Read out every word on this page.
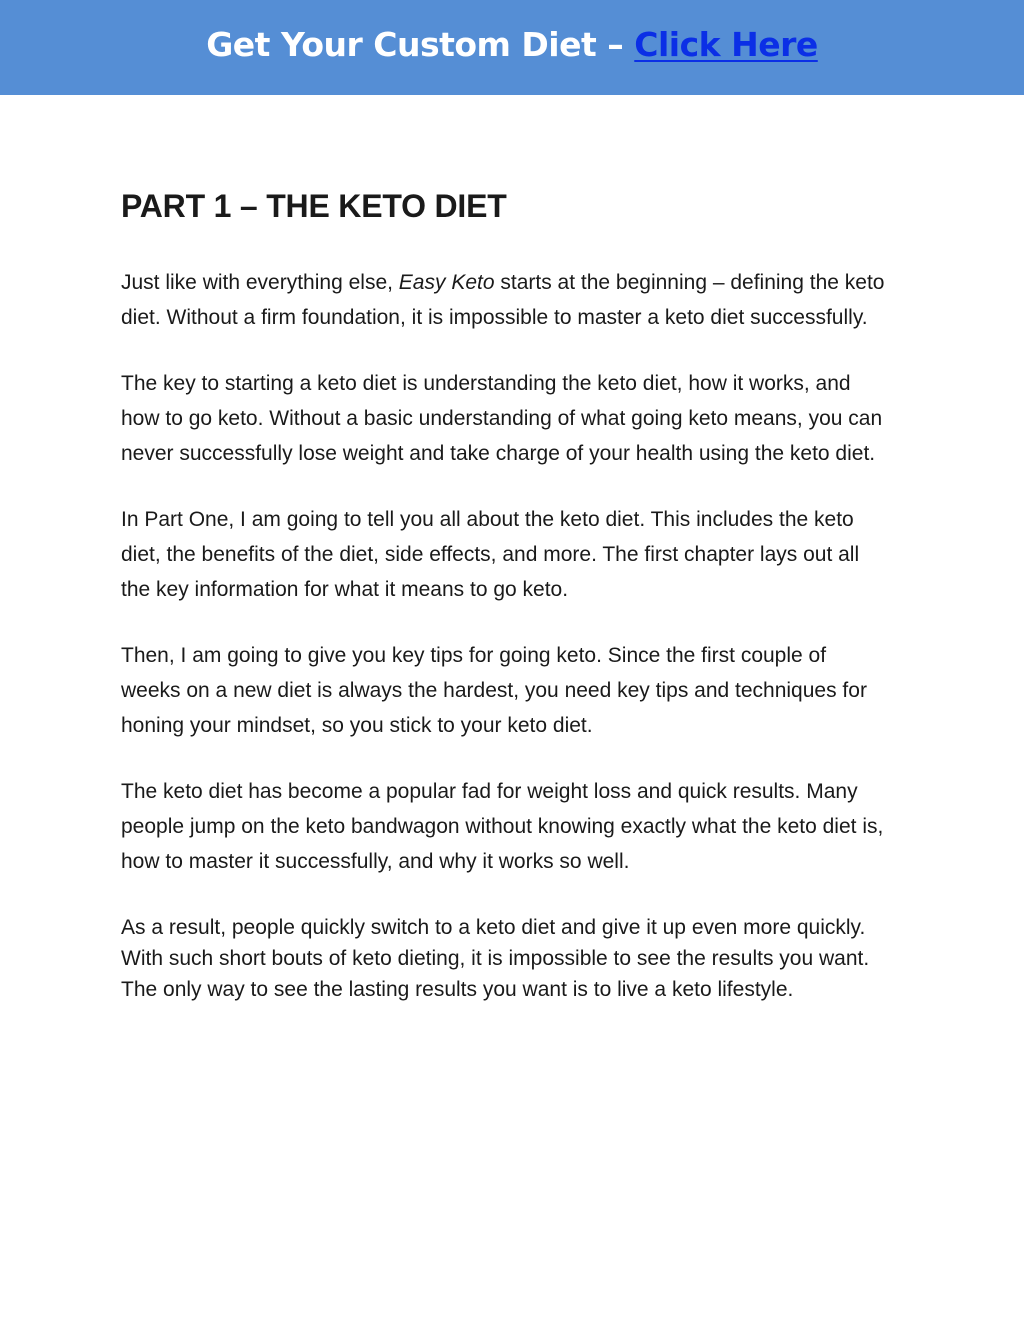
Get Your Custom Diet – Click Here
PART 1 – THE KETO DIET

Just like with everything else, Easy Keto starts at the beginning – defining the keto diet. Without a firm foundation, it is impossible to master a keto diet successfully.

The key to starting a keto diet is understanding the keto diet, how it works, and how to go keto. Without a basic understanding of what going keto means, you can never successfully lose weight and take charge of your health using the keto diet.

In Part One, I am going to tell you all about the keto diet. This includes the keto diet, the benefits of the diet, side effects, and more. The first chapter lays out all the key information for what it means to go keto.

Then, I am going to give you key tips for going keto. Since the first couple of weeks on a new diet is always the hardest, you need key tips and techniques for honing your mindset, so you stick to your keto diet.

The keto diet has become a popular fad for weight loss and quick results. Many people jump on the keto bandwagon without knowing exactly what the keto diet is, how to master it successfully, and why it works so well.

As a result, people quickly switch to a keto diet and give it up even more quickly. With such short bouts of keto dieting, it is impossible to see the results you want. The only way to see the lasting results you want is to live a keto lifestyle.
